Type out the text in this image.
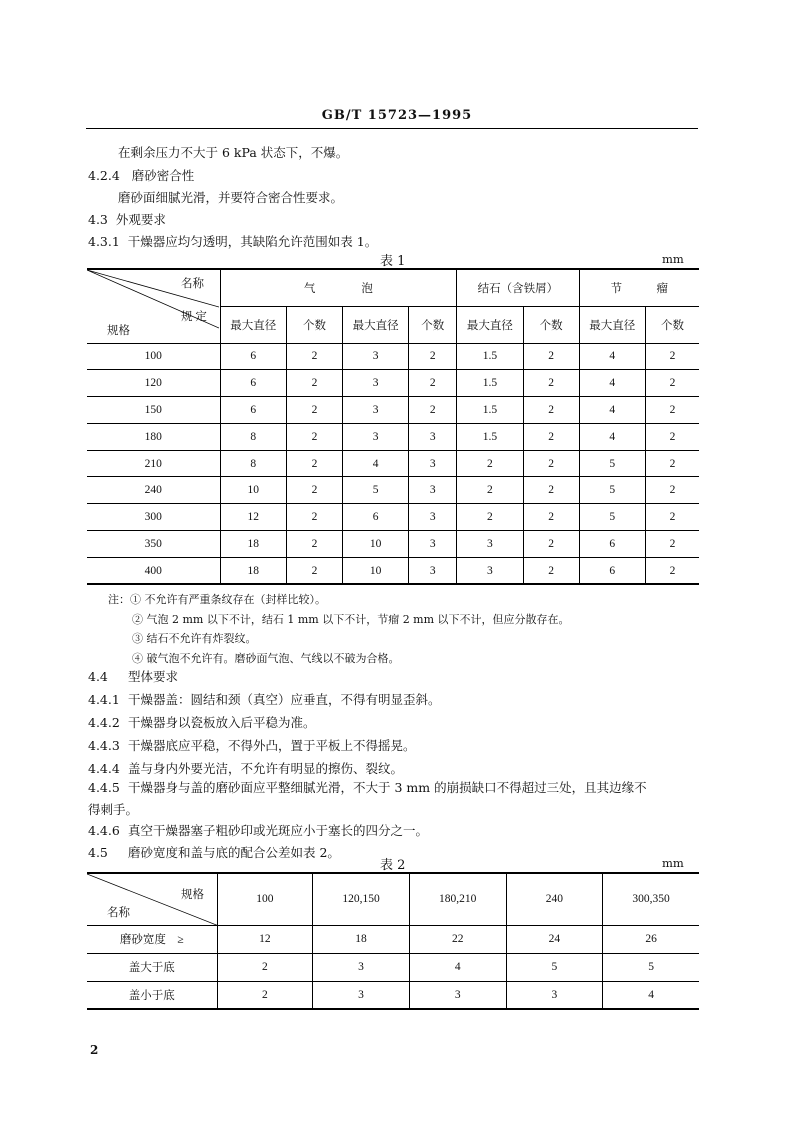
GB/T 15723—1995
在剩余压力不大于 6 kPa 状态下，不爆。
4.2.4 磨砂密合性
磨砂面细腻光滑，并要符合密合性要求。
4.3 外观要求
4.3.1 干燥器应均匀透明，其缺陷允许范围如表 1。
表 1	mm
名称
规 定
规格	气　　　　泡				结石（含铁屑）		节　　　瘤	
	最大直径	个数	最大直径	个数	最大直径	个数	最大直径	个数
100	6	2	3	2	1.5	2	4	2
120	6	2	3	2	1.5	2	4	2
150	6	2	3	2	1.5	2	4	2
180	8	2	3	3	1.5	2	4	2
210	8	2	4	3	2	2	5	2
240	10	2	5	3	2	2	5	2
300	12	2	6	3	2	2	5	2
350	18	2	10	3	3	2	6	2
400	18	2	10	3	3	2	6	2
注：① 不允许有严重条纹存在（封样比较）。
② 气泡 2 mm 以下不计，结石 1 mm 以下不计，节瘤 2 mm 以下不计，但应分散存在。
③ 结石不允许有炸裂纹。
④ 破气泡不允许有。磨砂面气泡、气线以不破为合格。
4.4 型体要求
4.4.1 干燥器盖：圆结和颈（真空）应垂直，不得有明显歪斜。
4.4.2 干燥器身以瓷板放入后平稳为准。
4.4.3 干燥器底应平稳，不得外凸，置于平板上不得摇晃。
4.4.4 盖与身内外要光洁，不允许有明显的擦伤、裂纹。
4.4.5 干燥器身与盖的磨砂面应平整细腻光滑，不大于 3 mm 的崩损缺口不得超过三处，且其边缘不
得刺手。
4.4.6 真空干燥器塞子粗砂印或光斑应小于塞长的四分之一。
4.5 磨砂宽度和盖与底的配合公差如表 2。
表 2	mm
规格
名称	100	120,150	180,210	240	300,350
磨砂宽度　≥	12	18	22	24	26
盖大于底	2	3	4	5	5
盖小于底	2	3	3	3	4
2
